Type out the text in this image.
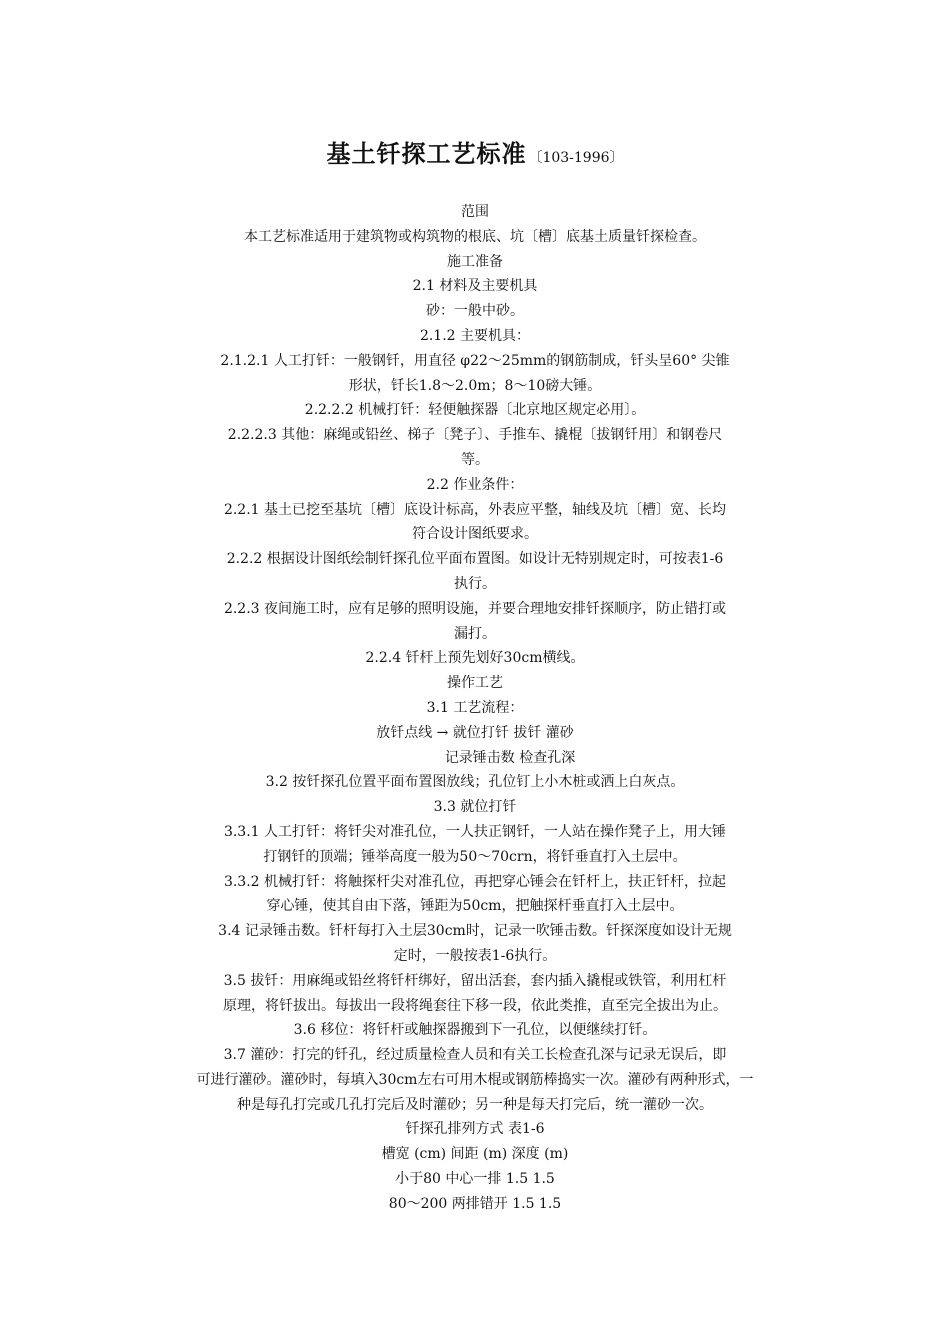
基土钎探工艺标准 〔103-1996〕

范围

本工艺标准适用于建筑物或构筑物的根底、坑〔槽〕底基土质量钎探检查。

施工准备

2.1 材料及主要机具

砂：一般中砂。

2.1.2 主要机具：

2.1.2.1 人工打钎：一般钢钎，用直径 φ22～25mm的钢筋制成，钎头呈60° 尖锥

形状，钎长1.8～2.0m；8～10磅大锤。

2.2.2.2 机械打钎：轻便触探器〔北京地区规定必用〕。

2.2.2.3 其他：麻绳或铅丝、梯子〔凳子〕、手推车、撬棍〔拔钢钎用〕和钢卷尺

等。

2.2 作业条件：

2.2.1 基土已挖至基坑〔槽〕底设计标高，外表应平整，轴线及坑〔槽〕宽、长均

符合设计图纸要求。

2.2.2 根据设计图纸绘制钎探孔位平面布置图。如设计无特别规定时，可按表1-6

执行。

2.2.3 夜间施工时，应有足够的照明设施，并要合理地安排钎探顺序，防止错打或

漏打。

2.2.4 钎杆上预先划好30cm横线。

操作工艺

3.1 工艺流程：

放钎点线 → 就位打钎 拔钎 灌砂

记录锤击数 检查孔深

3.2 按钎探孔位置平面布置图放线；孔位钉上小木桩或洒上白灰点。

3.3 就位打钎

3.3.1 人工打钎：将钎尖对准孔位，一人扶正钢钎，一人站在操作凳子上，用大锤

打钢钎的顶端；锤举高度一般为50～70crn，将钎垂直打入土层中。

3.3.2 机械打钎：将触探杆尖对准孔位，再把穿心锤会在钎杆上，扶正钎杆，拉起

穿心锤，使其自由下落，锤距为50cm，把触探杆垂直打入土层中。

3.4 记录锤击数。钎杆每打入土层30cm时，记录一吹锤击数。钎探深度如设计无规

定时，一般按表1-6执行。

3.5 拔钎：用麻绳或铅丝将钎杆绑好，留出活套，套内插入撬棍或铁管，利用杠杆

原理，将钎拔出。每拔出一段将绳套往下移一段，依此类推，直至完全拔出为止。

3.6 移位：将钎杆或触探器搬到下一孔位，以便继续打钎。

3.7 灌砂：打完的钎孔，经过质量检查人员和有关工长检查孔深与记录无误后，即

可进行灌砂。灌砂时，每填入30cm左右可用木棍或钢筋棒捣实一次。灌砂有两种形式，一

种是每孔打完或几孔打完后及时灌砂；另一种是每天打完后，统一灌砂一次。

钎探孔排列方式 表1-6

槽宽 (cm) 间距 (m) 深度 (m)

小于80 中心一排 1.5 1.5

80～200 两排错开 1.5 1.5
